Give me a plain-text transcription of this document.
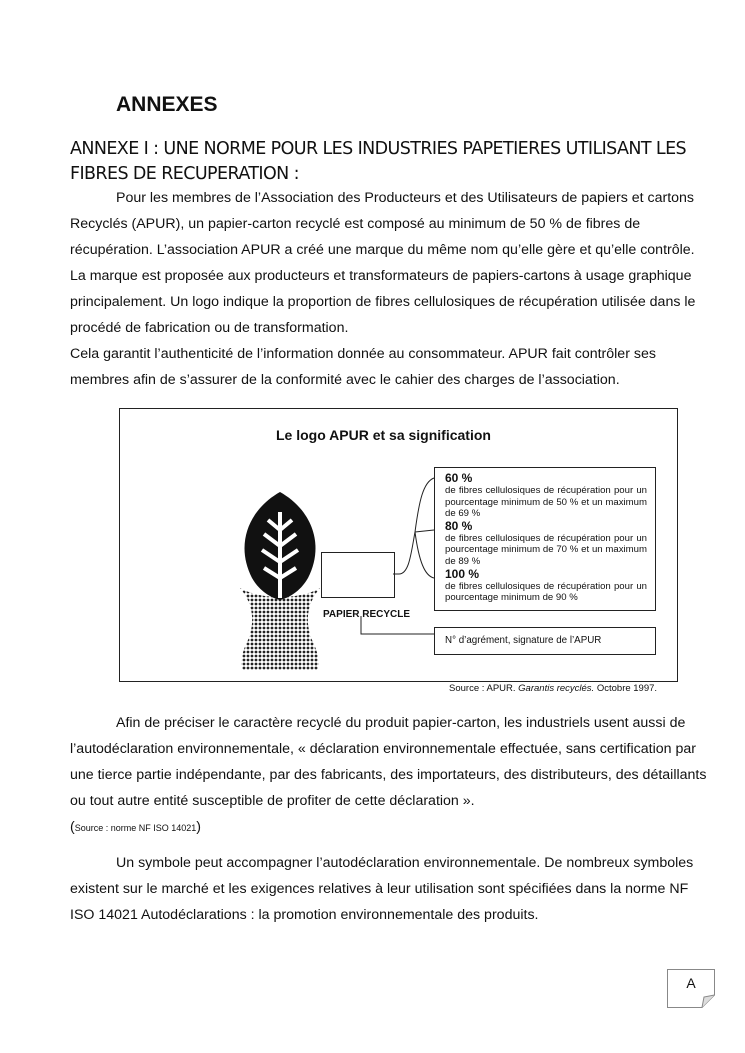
ANNEXES
ANNEXE I : UNE NORME POUR LES INDUSTRIES PAPETIERES UTILISANT LES FIBRES DE RECUPERATION :

Pour les membres de l’Association des Producteurs et des Utilisateurs de papiers et cartons Recyclés (APUR), un papier-carton recyclé est composé au minimum de 50 % de fibres de récupération. L’association APUR a créé une marque du même nom qu’elle gère et qu’elle contrôle. La marque est proposée aux producteurs et transformateurs de papiers-cartons à usage graphique principalement. Un logo indique la proportion de fibres cellulosiques de récupération utilisée dans le procédé de fabrication ou de transformation.

Cela garantit l’authenticité de l’information donnée au consommateur. APUR fait contrôler ses membres afin de s’assurer de la conformité avec le cahier des charges de l’association.

Le logo APUR et sa signification
PAPIER RECYCLE
60 %
de fibres cellulosiques de récupération pour un pourcentage minimum de 50 % et un maximum de 69 %
80 %
de fibres cellulosiques de récupération pour un pourcentage minimum de 70 % et un maximum de 89 %
100 %
de fibres cellulosiques de récupération pour un pourcentage minimum de 90 %
N° d’agrément, signature de l’APUR
Source : APUR. Garantis recyclés. Octobre 1997.

Afin de préciser le caractère recyclé du produit papier-carton, les industriels usent aussi de l’autodéclaration environnementale, « déclaration environnementale effectuée, sans certification par une tierce partie indépendante, par des fabricants, des importateurs, des distributeurs, des détaillants ou tout autre entité susceptible de profiter de cette déclaration ».
(Source : norme NF ISO 14021)

Un symbole peut accompagner l’autodéclaration environnementale. De nombreux symboles existent sur le marché et les exigences relatives à leur utilisation sont spécifiées dans la norme NF ISO 14021 Autodéclarations : la promotion environnementale des produits.

A
